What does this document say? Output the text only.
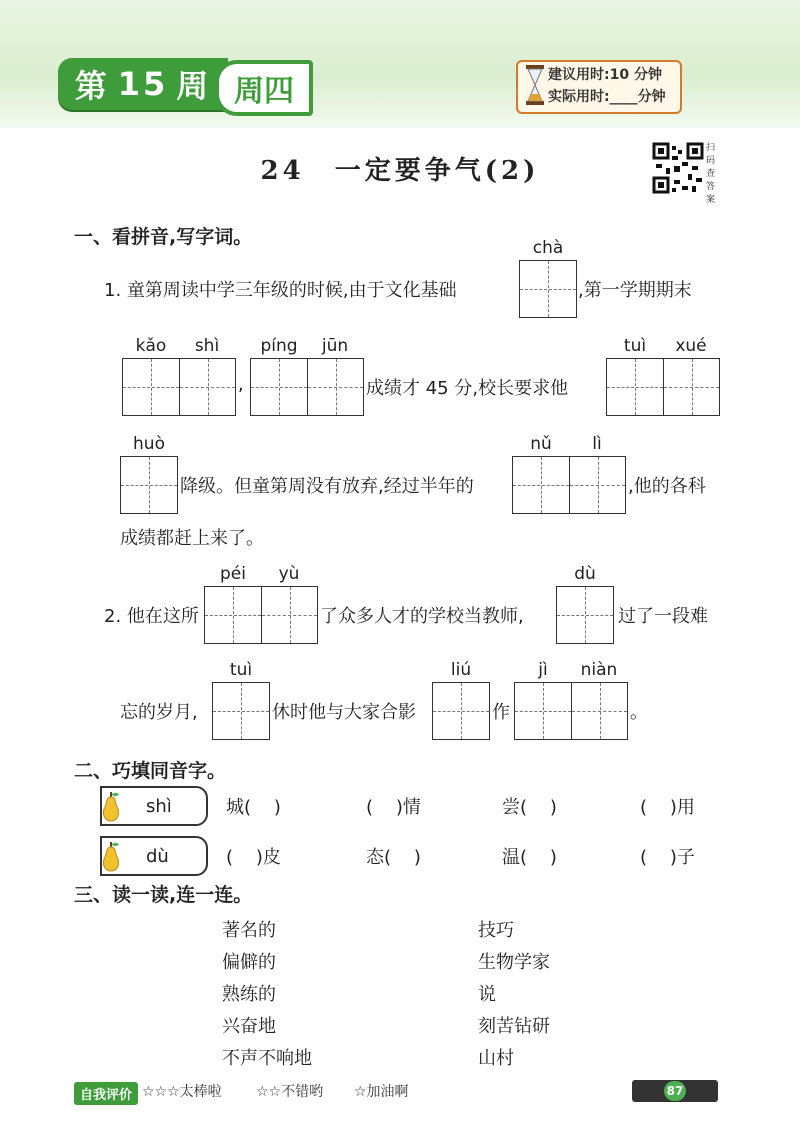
第 15 周 周四	建议用时:10 分钟
实际用时:____分钟
24　一定要争气(2)
扫码查答案
一、看拼音,写字词。	chà
1. 童第周读中学三年级的时候,由于文化基础	,第一学期期末
kǎo	shì
,
píng	jūn
成绩才 45 分,校长要求他
tuì	xué
huò
降级。但童第周没有放弃,经过半年的
nǔ	lì
,他的各科
成绩都赶上来了。
2. 他在这所
péi	yù
了众多人才的学校当教师,
dù
过了一段难
忘的岁月,
tuì
休时他与大家合影
liú
作
jì	niàn
。
二、巧填同音字。
shì	城(    )	(    )情	尝(    )	(    )用
dù	(    )皮	态(    )	温(    )	(    )子
三、读一读,连一连。
著名的
偏僻的
熟练的
兴奋地
不声不响地
技巧
生物学家
说
刻苦钻研
山村
自我评价 ☆☆☆太棒啦 ☆☆不错哟 ☆加油啊	87
